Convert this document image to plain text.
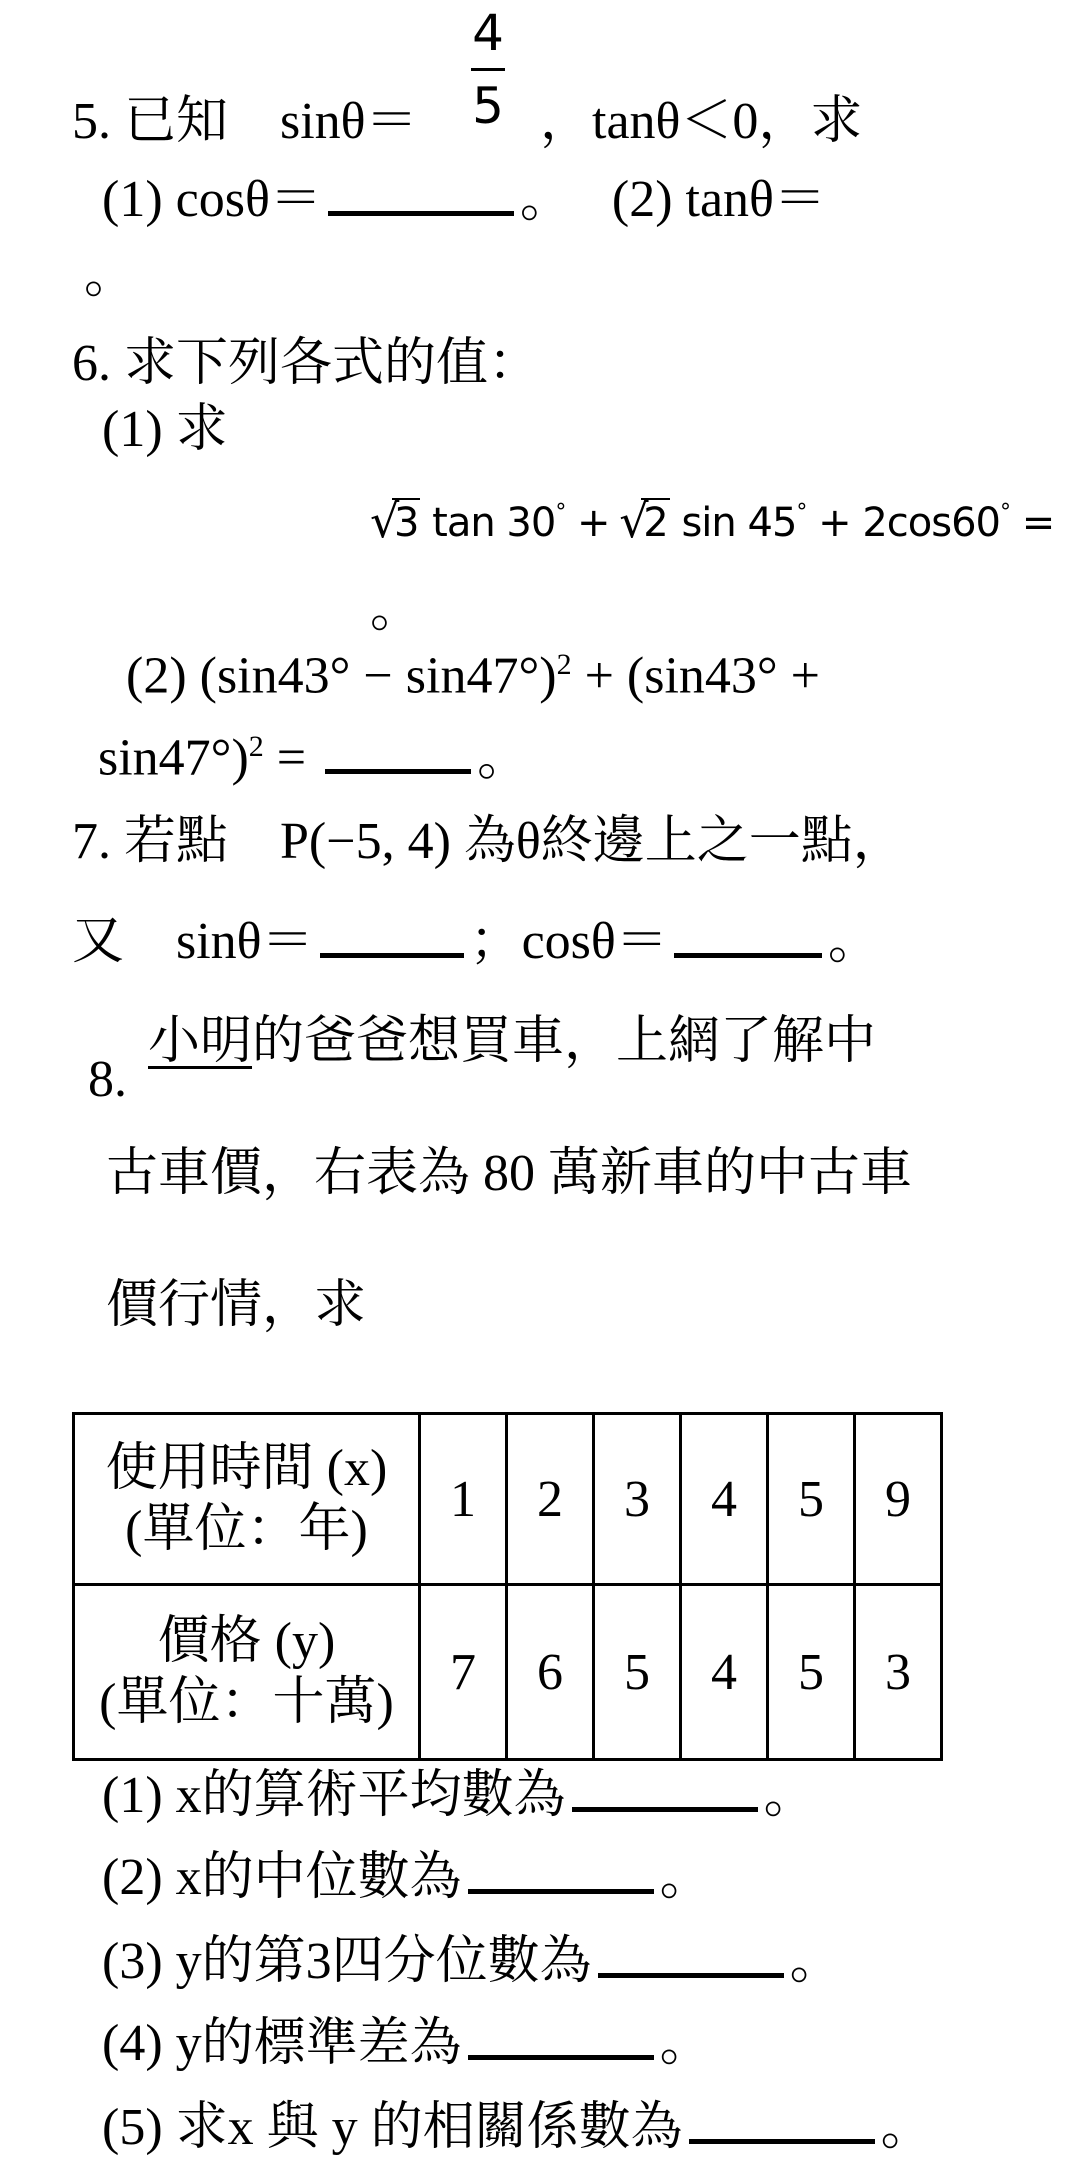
5. 已知　sinθ＝
4
5 ，tanθ＜0，求
(1) cosθ＝	。 (2) tanθ＝
。
6. 求下列各式的值：
(1) 求
√ 3 tan 30° + √ 2 sin 45° + 2cos60° =
。
(2) $(\sin 43^\circ - \sin 47^\circ)^2 + (\sin 43^\circ$ +
sin47°)$^2$ =	。
7. 若點　P(−5, 4) 為θ終邊上之一點，
又　sinθ＝	；cosθ＝	。
8.
小明的爸爸想買車，上網了解中
古車價，右表為 80 萬新車的中古車
價行情，求
使用時間 (x)
(單位：年)	1	2	3	4	5	9

價格 (y)
(單位：十萬)	7	6	5	4	5	3
(1) x的算術平均數為	。
(2) x的中位數為	。
(3) y的第3四分位數為	。
(4) y的標準差為	。
(5) 求x 與 y 的相關係數為	。
